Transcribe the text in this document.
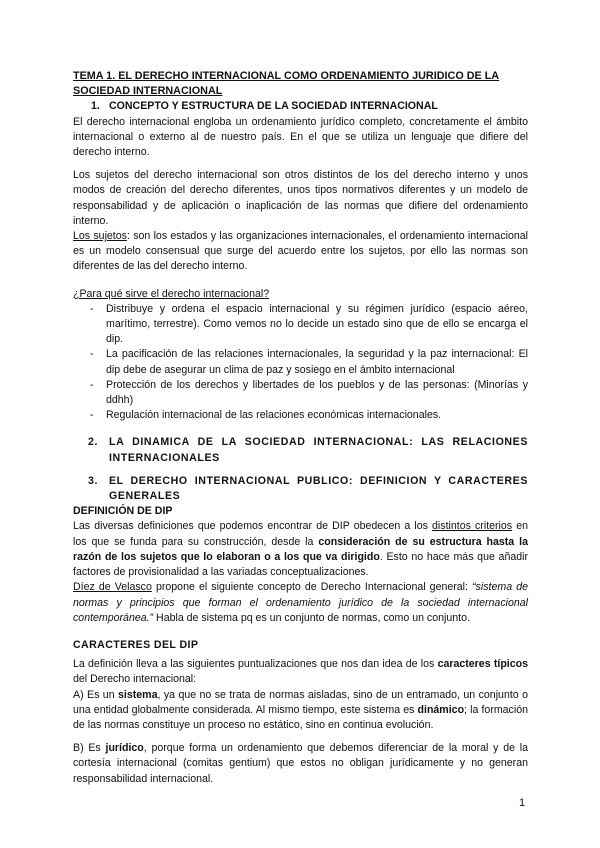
TEMA 1. EL DERECHO INTERNACIONAL COMO ORDENAMIENTO JURIDICO DE LA
SOCIEDAD INTERNACIONAL
1. CONCEPTO Y ESTRUCTURA DE LA SOCIEDAD INTERNACIONAL

El derecho internacional engloba un ordenamiento jurídico completo, concretamente el ámbito internacional o externo al de nuestro país. En el que se utiliza un lenguaje que difiere del derecho interno.

Los sujetos del derecho internacional son otros distintos de los del derecho interno y unos modos de creación del derecho diferentes, unos tipos normativos diferentes y un modelo de responsabilidad y de aplicación o inaplicación de las normas que difiere del ordenamiento interno.

Los sujetos: son los estados y las organizaciones internacionales, el ordenamiento internacional es un modelo consensual que surge del acuerdo entre los sujetos, por ello las normas son diferentes de las del derecho interno.

¿Para qué sirve el derecho internacional?

-	Distribuye y ordena el espacio internacional y su régimen jurídico (espacio aéreo, marítimo, terrestre). Como vemos no lo decide un estado sino que de ello se encarga el dip.
-	La pacificación de las relaciones internacionales, la seguridad y la paz internacional: El dip debe de asegurar un clima de paz y sosiego en el ámbito internacional
-	Protección de los derechos y libertades de los pueblos y de las personas: (Minorías y ddhh)
-	Regulación internacional de las relaciones económicas internacionales.
2.	LA DINAMICA DE LA SOCIEDAD INTERNACIONAL: LAS RELACIONES INTERNACIONALES
3.	EL DERECHO INTERNACIONAL PUBLICO: DEFINICION Y CARACTERES GENERALES
DEFINICIÓN DE DIP

Las diversas definiciones que podemos encontrar de DIP obedecen a los distintos criterios en los que se funda para su construcción, desde la consideración de su estructura hasta la razón de los sujetos que lo elaboran o a los que va dirigido. Esto no hace más que añadir factores de provisionalidad a las variadas conceptualizaciones.

Díez de Velasco propone el siguiente concepto de Derecho Internacional general: “sistema de normas y principios que forman el ordenamiento jurídico de la sociedad internacional contemporánea.” Habla de sistema pq es un conjunto de normas, como un conjunto.

CARACTERES DEL DIP

La definición lleva a las siguientes puntualizaciones que nos dan idea de los caracteres típicos del Derecho internacional:

A) Es un sistema, ya que no se trata de normas aisladas, sino de un entramado, un conjunto o una entidad globalmente considerada. Al mismo tiempo, este sistema es dinámico; la formación de las normas constituye un proceso no estático, sino en continua evolución.

B) Es jurídico, porque forma un ordenamiento que debemos diferenciar de la moral y de la cortesía internacional (comitas gentium) que estos no obligan jurídicamente y no generan responsabilidad internacional.

1
